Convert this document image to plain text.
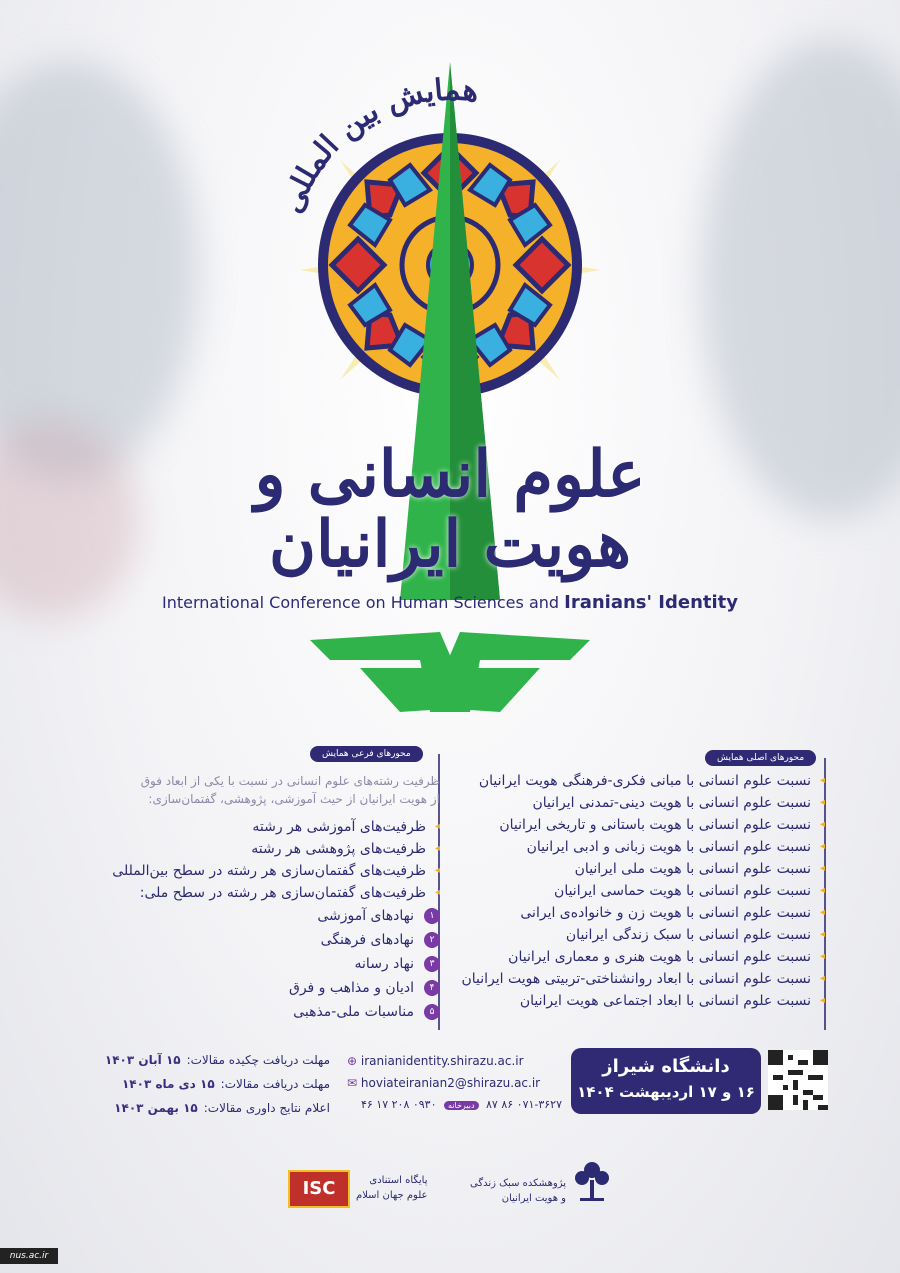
همایش بین المللی
علوم انسانی و هویت ایرانیان
International Conference on Human Sciences and Iranians' Identity
محورهای اصلی همایش
◂ نسبت علوم انسانی با مبانی فکری-فرهنگی هویت ایرانیان
◂ نسبت علوم انسانی با هویت دینی-تمدنی ایرانیان
◂ نسبت علوم انسانی با هویت باستانی و تاریخی ایرانیان
◂ نسبت علوم انسانی با هویت زبانی و ادبی ایرانیان
◂ نسبت علوم انسانی با هویت ملی ایرانیان
◂ نسبت علوم انسانی با هویت حماسی ایرانیان
◂ نسبت علوم انسانی با هویت زن و خانواده‌ی ایرانی
◂ نسبت علوم انسانی با سبک زندگی ایرانیان
◂ نسبت علوم انسانی با هویت هنری و معماری ایرانیان
◂ نسبت علوم انسانی با ابعاد روانشناختی-تربیتی هویت ایرانیان
◂ نسبت علوم انسانی با ابعاد اجتماعی هویت ایرانیان
محورهای فرعی همایش
ظرفیت رشته‌های علوم انسانی در نسبت با یکی از ابعاد فوق
از هویت ایرانیان از حیث آموزشی، پژوهشی، گفتمان‌سازی:
◂ ظرفیت‌های آموزشی هر رشته
◂ ظرفیت‌های پژوهشی هر رشته
◂ ظرفیت‌های گفتمان‌سازی هر رشته در سطح بین‌المللی
◂ ظرفیت‌های گفتمان‌سازی هر رشته در سطح ملی:
۱
نهادهای آموزشی
۲
نهادهای فرهنگی
۳
نهاد رسانه
۴
ادیان و مذاهب و فرق
۵
مناسبات ملی-مذهبی
مهلت دریافت چکیده مقالات:۱۵ آبان ۱۴۰۳
مهلت دریافت مقالات:۱۵ دی ماه ۱۴۰۳
اعلام نتایج داوری مقالات:۱۵ بهمن ۱۴۰۳
⊕ iranianidentity.shirazu.ac.ir
✉ hoviateiranian2@shirazu.ac.ir
۰۷۱-۳۶۲۷ ۸۶ ۸۷ دبیرخانه ۰۹۳۰ ۲۰۸ ۱۷ ۴۶
دانشگاه شیراز
۱۶ و ۱۷ اردیبهشت ۱۴۰۴
ISC	پایگاه استنادی
علوم جهان اسلام
پژوهشکده سبک زندگی
و هویت ایرانیان
nus.ac.ir
